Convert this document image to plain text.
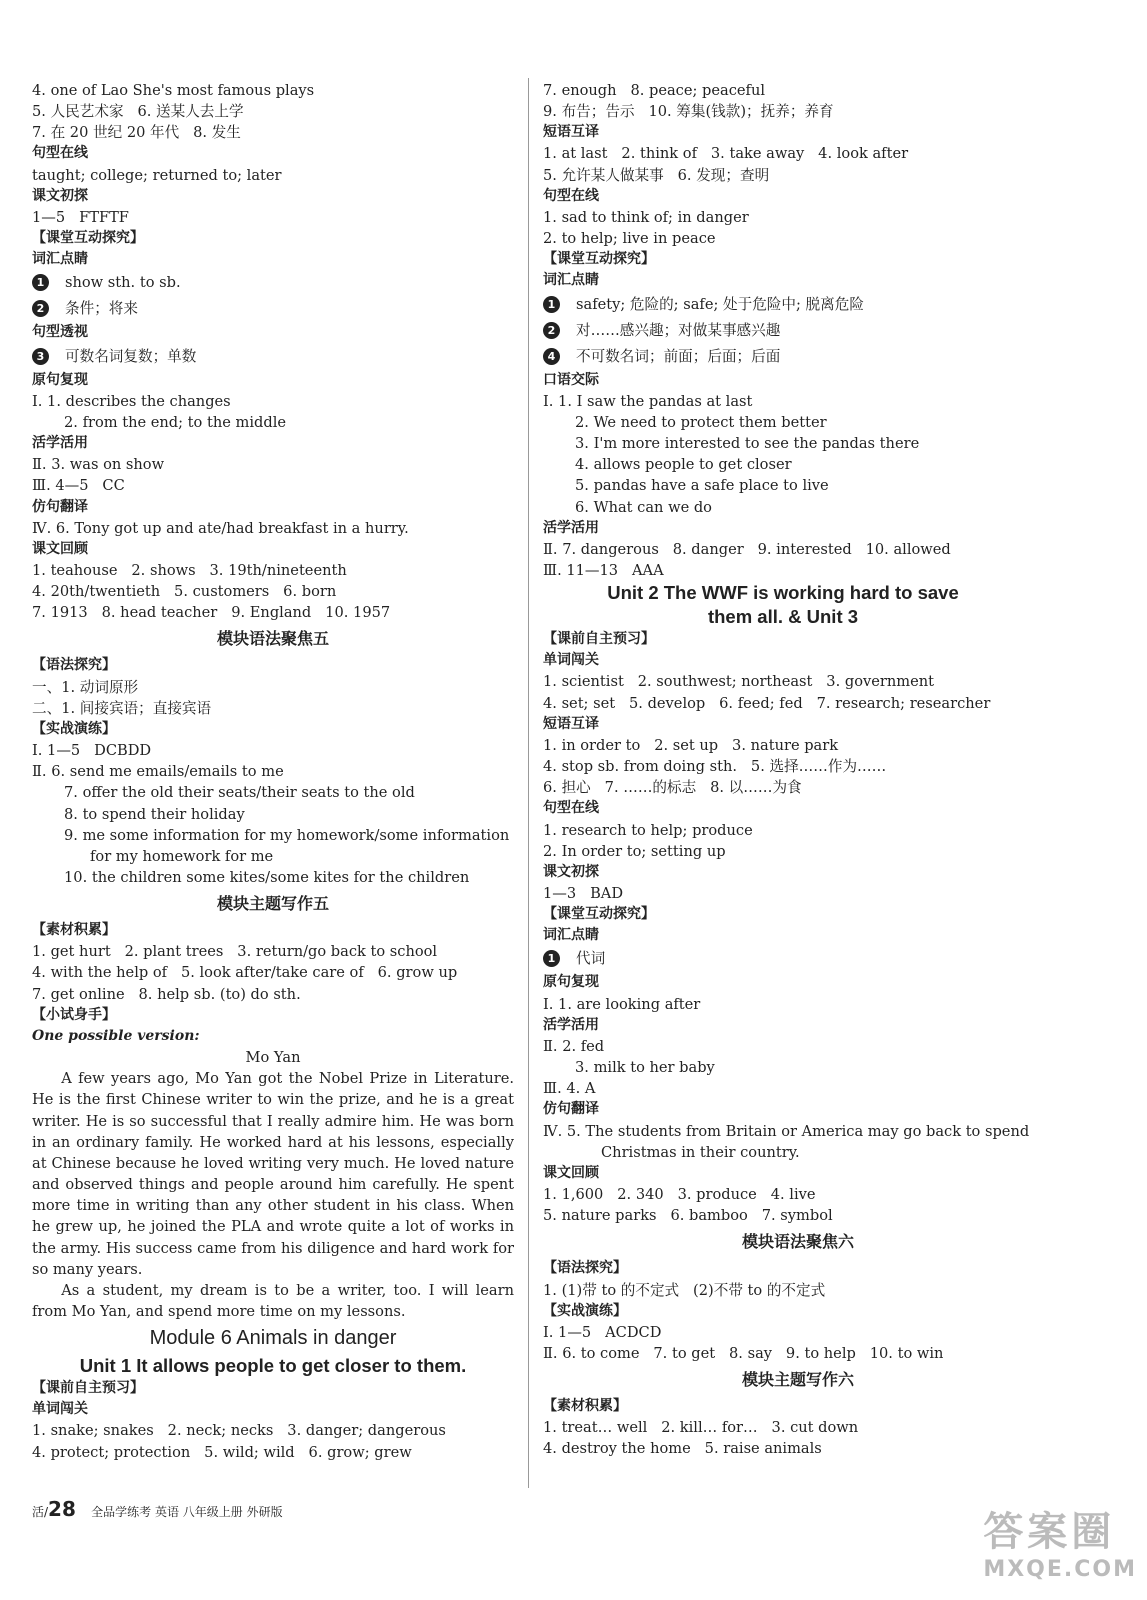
4. one of Lao She's most famous plays
5. 人民艺术家   6. 送某人去上学
7. 在 20 世纪 20 年代   8. 发生
句型在线
taught; college; returned to; later
课文初探
1—5   FTFTF
【课堂互动探究】
词汇点睛
1 show sth. to sb.
2 条件；将来
句型透视
3 可数名词复数；单数
原句复现
Ⅰ. 1. describes the changes
2. from the end; to the middle
活学活用
Ⅱ. 3. was on show
Ⅲ. 4—5   CC
仿句翻译
Ⅳ. 6. Tony got up and ate/had breakfast in a hurry.
课文回顾
1. teahouse   2. shows   3. 19th/nineteenth
4. 20th/twentieth   5. customers   6. born
7. 1913   8. head teacher   9. England   10. 1957
模块语法聚焦五
【语法探究】
一、1. 动词原形
二、1. 间接宾语；直接宾语
【实战演练】
Ⅰ. 1—5   DCBDD
Ⅱ. 6. send me emails/emails to me
7. offer the old their seats/their seats to the old
8. to spend their holiday
9. me some information for my homework/some information
for my homework for me
10. the children some kites/some kites for the children
模块主题写作五
【素材积累】
1. get hurt   2. plant trees   3. return/go back to school
4. with the help of   5. look after/take care of   6. grow up
7. get online   8. help sb. (to) do sth.
【小试身手】
One possible version:
Mo Yan
A few years ago, Mo Yan got the Nobel Prize in Literature. He is the first Chinese writer to win the prize, and he is a great writer. He is so successful that I really admire him. He was born in an ordinary family. He worked hard at his lessons, especially at Chinese because he loved writing very much. He loved nature and observed things and people around him carefully. He spent more time in writing than any other student in his class. When he grew up, he joined the PLA and wrote quite a lot of works in the army. His success came from his diligence and hard work for so many years.
As a student, my dream is to be a writer, too. I will learn from Mo Yan, and spend more time on my lessons.
Module 6 Animals in danger
Unit 1 It allows people to get closer to them.
【课前自主预习】
单词闯关
1. snake; snakes   2. neck; necks   3. danger; dangerous
4. protect; protection   5. wild; wild   6. grow; grew
7. enough   8. peace; peaceful
9. 布告；告示   10. 筹集(钱款)；抚养；养育
短语互译
1. at last   2. think of   3. take away   4. look after
5. 允许某人做某事   6. 发现；查明
句型在线
1. sad to think of; in danger
2. to help; live in peace
【课堂互动探究】
词汇点睛
1 safety; 危险的; safe; 处于危险中; 脱离危险
2 对……感兴趣；对做某事感兴趣
4 不可数名词；前面；后面；后面
口语交际
Ⅰ. 1. I saw the pandas at last
2. We need to protect them better
3. I'm more interested to see the pandas there
4. allows people to get closer
5. pandas have a safe place to live
6. What can we do
活学活用
Ⅱ. 7. dangerous   8. danger   9. interested   10. allowed
Ⅲ. 11—13   AAA
Unit 2 The WWF is working hard to save
them all. & Unit 3
【课前自主预习】
单词闯关
1. scientist   2. southwest; northeast   3. government
4. set; set   5. develop   6. feed; fed   7. research; researcher
短语互译
1. in order to   2. set up   3. nature park
4. stop sb. from doing sth.   5. 选择……作为……
6. 担心   7. ……的标志   8. 以……为食
句型在线
1. research to help; produce
2. In order to; setting up
课文初探
1—3   BAD
【课堂互动探究】
词汇点睛
1 代词
原句复现
Ⅰ. 1. are looking after
活学活用
Ⅱ. 2. fed
3. milk to her baby
Ⅲ. 4. A
仿句翻译
Ⅳ. 5. The students from Britain or America may go back to spend
Christmas in their country.
课文回顾
1. 1,600   2. 340   3. produce   4. live
5. nature parks   6. bamboo   7. symbol
模块语法聚焦六
【语法探究】
1. (1)带 to 的不定式   (2)不带 to 的不定式
【实战演练】
Ⅰ. 1—5   ACDCD
Ⅱ. 6. to come   7. to get   8. say   9. to help   10. to win
模块主题写作六
【素材积累】
1. treat… well   2. kill… for…   3. cut down
4. destroy the home   5. raise animals
活/28 全品学练考 英语 八年级上册 外研版	答案圈
MXQE.COM
